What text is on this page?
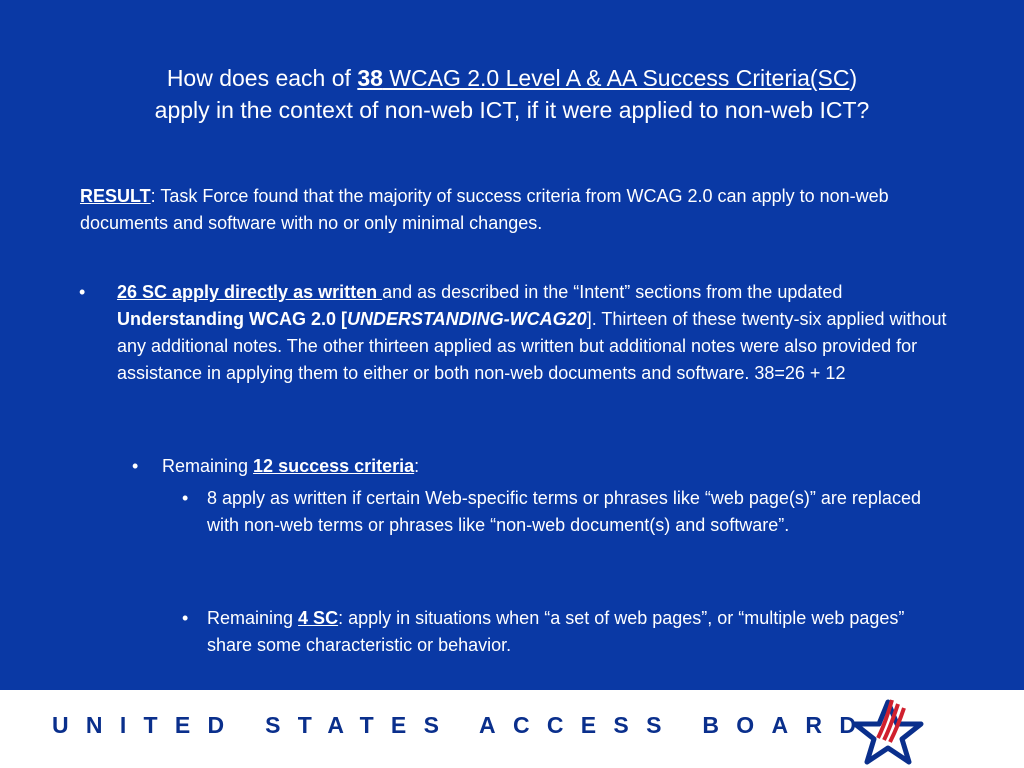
How does each of 38 WCAG 2.0 Level A & AA Success Criteria(SC)
apply in the context of non-web ICT, if it were applied to non-web ICT?
RESULT: Task Force found that the majority of success criteria from WCAG 2.0 can apply to non-web documents and software with no or only minimal changes.
• 26 SC apply directly as written and as described in the “Intent” sections from the updated Understanding WCAG 2.0 [UNDERSTANDING-WCAG20]. Thirteen of these twenty-six applied without any additional notes. The other thirteen applied as written but additional notes were also provided for assistance in applying them to either or both non-web documents and software. 38=26 + 12
• Remaining 12 success criteria:
• 8 apply as written if certain Web-specific terms or phrases like “web page(s)” are replaced with non-web terms or phrases like “non-web document(s) and software”.
• Remaining 4 SC: apply in situations when “a set of web pages”, or “multiple web pages” share some characteristic or behavior.
UNITED STATES ACCESS BOARD
